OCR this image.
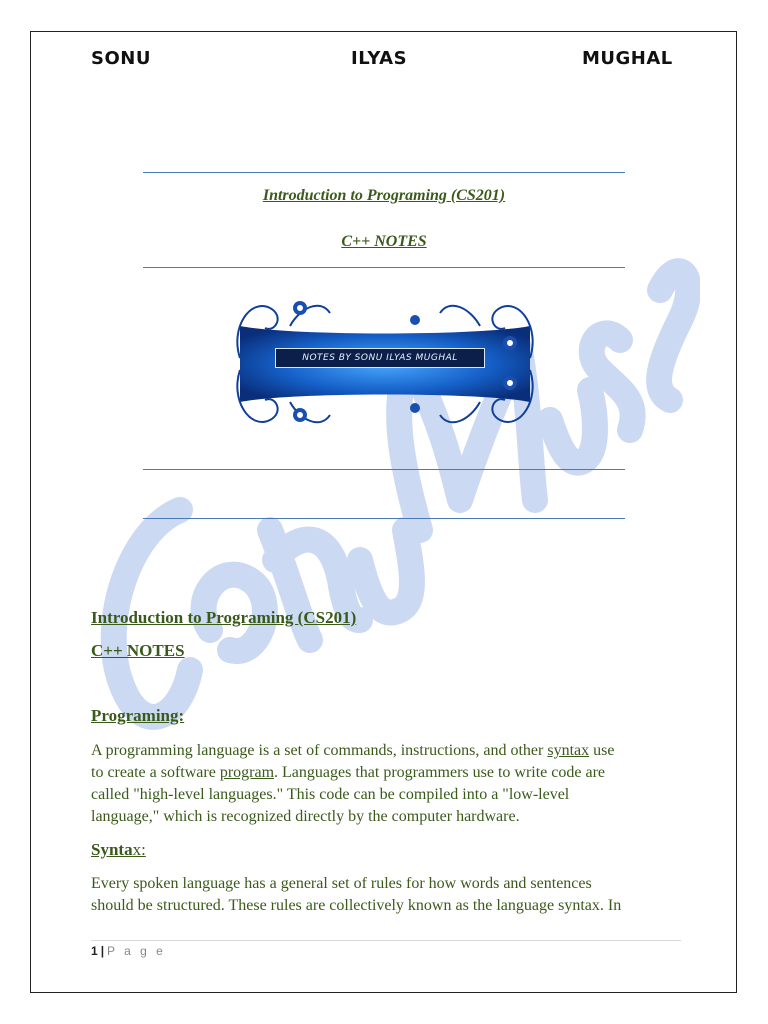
SONU	ILYAS	MUGHAL
Introduction to Programing (CS201)
C++ NOTES
NOTES BY SONU ILYAS MUGHAL
Introduction to Programing (CS201)
C++ NOTES
Programing:
A programming language is a set of commands, instructions, and other syntax use
to create a software program. Languages that programmers use to write code are
called "high-level languages." This code can be compiled into a "low-level
language," which is recognized directly by the computer hardware.
Syntax:
Every spoken language has a general set of rules for how words and sentences
should be structured. These rules are collectively known as the language syntax. In
1 | P a g e
